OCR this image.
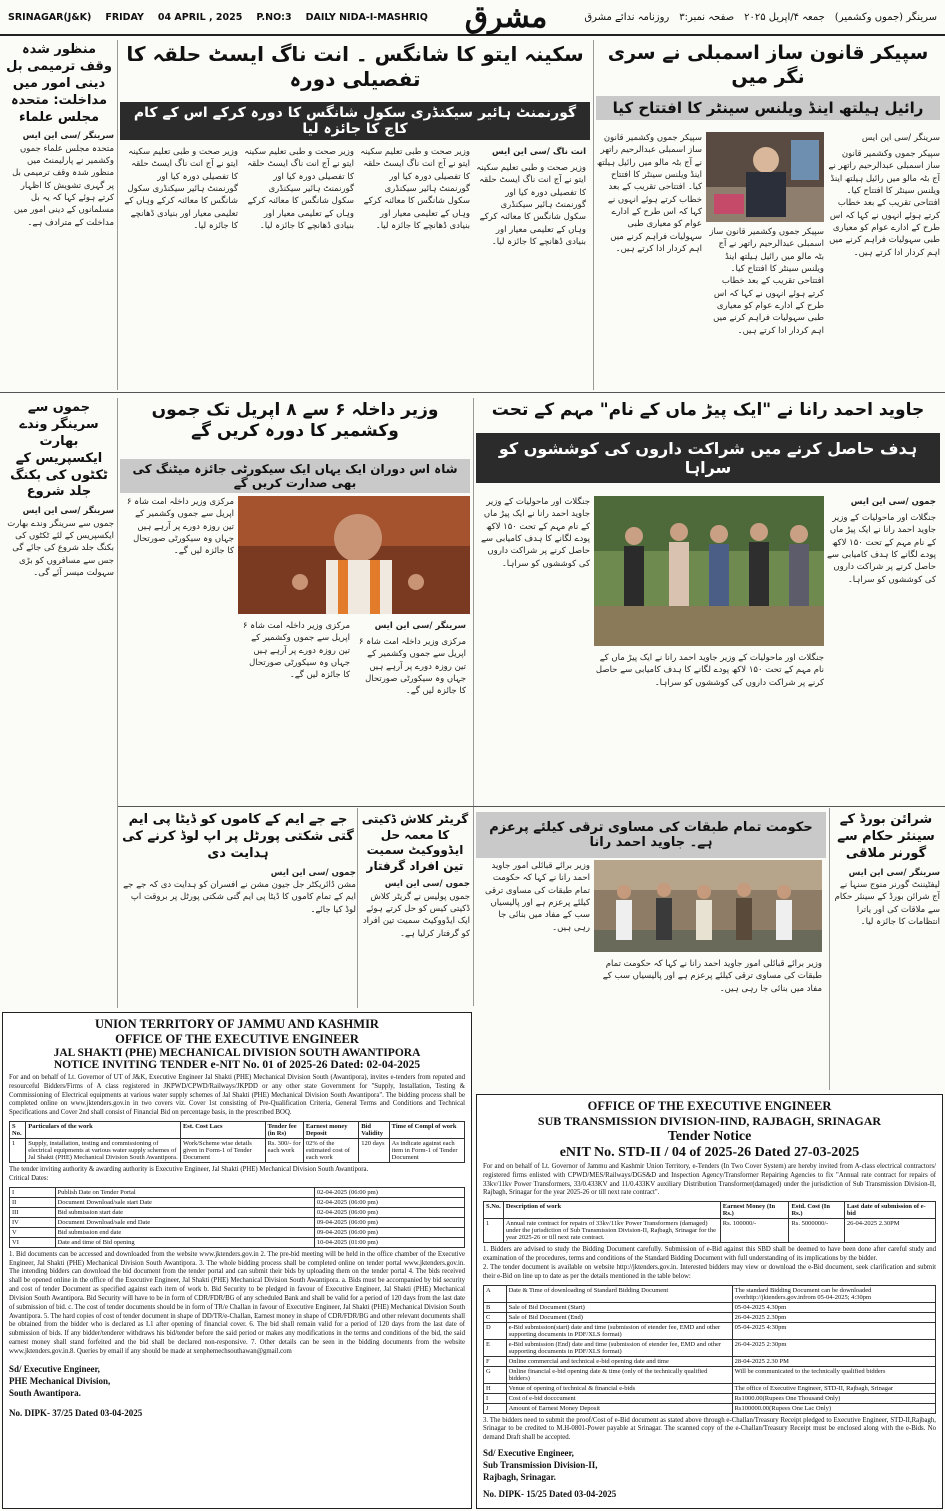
SRINAGAR(J&K) FRIDAY 04 APRIL , 2025 P.NO:3 DAILY NIDA-I-MASHRIQ مشرق	سرینگر (جموں وکشمیر)
جمعہ ۴/اپریل ۲۰۲۵
صفحہ نمبر:۳
روزنامہ ندائے مشرق
سپیکر قانون ساز اسمبلی نے سری نگر میں
رائیل ہیلتھ اینڈ ویلنس سینٹر کا افتتاح کیا
سرینگر /سی این ایس
سپیکر جموں وکشمیر قانون ساز اسمبلی عبدالرحیم راتھر نے آج بٹہ مالو میں رائیل ہیلتھ اینڈ ویلنس سینٹر کا افتتاح کیا۔ افتتاحی تقریب کے بعد خطاب کرتے ہوئے انہوں نے کہا کہ اس طرح کے ادارے عوام کو معیاری طبی سہولیات فراہم کرنے میں اہم کردار ادا کرتے ہیں۔
سپیکر جموں وکشمیر قانون ساز اسمبلی عبدالرحیم راتھر نے آج بٹہ مالو میں رائیل ہیلتھ اینڈ ویلنس سینٹر کا افتتاح کیا۔ افتتاحی تقریب کے بعد خطاب کرتے ہوئے انہوں نے کہا کہ اس طرح کے ادارے عوام کو معیاری طبی سہولیات فراہم کرنے میں اہم کردار ادا کرتے ہیں۔
سپیکر جموں وکشمیر قانون ساز اسمبلی عبدالرحیم راتھر نے آج بٹہ مالو میں رائیل ہیلتھ اینڈ ویلنس سینٹر کا افتتاح کیا۔ افتتاحی تقریب کے بعد خطاب کرتے ہوئے انہوں نے کہا کہ اس طرح کے ادارے عوام کو معیاری طبی سہولیات فراہم کرنے میں اہم کردار ادا کرتے ہیں۔
سکینہ ایتو کا شانگس ۔ انت ناگ ایسٹ حلقہ کا تفصیلی دورہ
گورنمنٹ ہائیر سیکنڈری سکول شانگس کا دورہ کرکے اس کے کام کاج کا جائزہ لیا
انت ناگ /سی این ایس
وزیر صحت و طبی تعلیم سکینہ ایتو نے آج انت ناگ ایسٹ حلقہ کا تفصیلی دورہ کیا اور گورنمنٹ ہائیر سیکنڈری سکول شانگس کا معائنہ کرکے وہاں کے تعلیمی معیار اور بنیادی ڈھانچے کا جائزہ لیا۔
وزیر صحت و طبی تعلیم سکینہ ایتو نے آج انت ناگ ایسٹ حلقہ کا تفصیلی دورہ کیا اور گورنمنٹ ہائیر سیکنڈری سکول شانگس کا معائنہ کرکے وہاں کے تعلیمی معیار اور بنیادی ڈھانچے کا جائزہ لیا۔
وزیر صحت و طبی تعلیم سکینہ ایتو نے آج انت ناگ ایسٹ حلقہ کا تفصیلی دورہ کیا اور گورنمنٹ ہائیر سیکنڈری سکول شانگس کا معائنہ کرکے وہاں کے تعلیمی معیار اور بنیادی ڈھانچے کا جائزہ لیا۔
وزیر صحت و طبی تعلیم سکینہ ایتو نے آج انت ناگ ایسٹ حلقہ کا تفصیلی دورہ کیا اور گورنمنٹ ہائیر سیکنڈری سکول شانگس کا معائنہ کرکے وہاں کے تعلیمی معیار اور بنیادی ڈھانچے کا جائزہ لیا۔
منظور شدہ وقف ترمیمی بل دینی امور میں مداخلت: متحدہ مجلس علماء
سرینگر /سی این ایس
متحدہ مجلس علماء جموں وکشمیر نے پارلیمنٹ میں منظور شدہ وقف ترمیمی بل پر گہری تشویش کا اظہار کرتے ہوئے کہا کہ یہ بل مسلمانوں کے دینی امور میں مداخلت کے مترادف ہے۔
جموں سے سرینگر وندے بھارت ایکسپریس کے ٹکٹوں کی بکنگ جلد شروع
سرینگر /سی این ایس
جموں سے سرینگر وندے بھارت ایکسپریس کے لئے ٹکٹوں کی بکنگ جلد شروع کی جائے گی جس سے مسافروں کو بڑی سہولت میسر آئے گی۔
وزیر داخلہ ۶ سے ۸ اپریل تک جموں وکشمیر کا دورہ کریں گے
شاہ اس دوران ایک یہاں ایک سیکورٹی جائزہ میٹنگ کی بھی صدارت کریں گے
مرکزی وزیر داخلہ امت شاہ ۶ اپریل سے جموں وکشمیر کے تین روزہ دورے پر آرہے ہیں جہاں وہ سیکورٹی صورتحال کا جائزہ لیں گے۔
سرینگر /سی این ایس
مرکزی وزیر داخلہ امت شاہ ۶ اپریل سے جموں وکشمیر کے تین روزہ دورے پر آرہے ہیں جہاں وہ سیکورٹی صورتحال کا جائزہ لیں گے۔
مرکزی وزیر داخلہ امت شاہ ۶ اپریل سے جموں وکشمیر کے تین روزہ دورے پر آرہے ہیں جہاں وہ سیکورٹی صورتحال کا جائزہ لیں گے۔
جاوید احمد رانا نے "ایک پیڑ ماں کے نام" مہم کے تحت
ہدف حاصل کرنے میں شراکت داروں کی کوششوں کو سراہا
جموں /سی این ایس
جنگلات اور ماحولیات کے وزیر جاوید احمد رانا نے ایک پیڑ ماں کے نام مہم کے تحت ۱۵۰ لاکھ پودے لگانے کا ہدف کامیابی سے حاصل کرنے پر شراکت داروں کی کوششوں کو سراہا۔
جنگلات اور ماحولیات کے وزیر جاوید احمد رانا نے ایک پیڑ ماں کے نام مہم کے تحت ۱۵۰ لاکھ پودے لگانے کا ہدف کامیابی سے حاصل کرنے پر شراکت داروں کی کوششوں کو سراہا۔
جنگلات اور ماحولیات کے وزیر جاوید احمد رانا نے ایک پیڑ ماں کے نام مہم کے تحت ۱۵۰ لاکھ پودے لگانے کا ہدف کامیابی سے حاصل کرنے پر شراکت داروں کی کوششوں کو سراہا۔
جے جے ایم کے کاموں کو ڈیٹا پی ایم گتی شکتی پورٹل پر اپ لوڈ کرنے کی ہدایت دی
جموں /سی این ایس
مشن ڈائریکٹر جل جیون مشن نے افسران کو ہدایت دی کہ جے جے ایم کے تمام کاموں کا ڈیٹا پی ایم گتی شکتی پورٹل پر بروقت اپ لوڈ کیا جائے۔
گریٹر کلاش ڈکیتی کا معمہ حل ایڈووکیٹ سمیت تین افراد گرفتار
جموں /سی این ایس
جموں پولیس نے گریٹر کلاش ڈکیتی کیس کو حل کرتے ہوئے ایک ایڈووکیٹ سمیت تین افراد کو گرفتار کرلیا ہے۔
حکومت تمام طبقات کی مساوی ترقی کیلئے پرعزم ہے۔ جاوید احمد رانا
وزیر برائے قبائلی امور جاوید احمد رانا نے کہا کہ حکومت تمام طبقات کی مساوی ترقی کیلئے پرعزم ہے اور پالیسیاں سب کے مفاد میں بنائی جا رہی ہیں۔
وزیر برائے قبائلی امور جاوید احمد رانا نے کہا کہ حکومت تمام طبقات کی مساوی ترقی کیلئے پرعزم ہے اور پالیسیاں سب کے مفاد میں بنائی جا رہی ہیں۔
شرائن بورڈ کے سینئر حکام سے گورنر ملاقی
سرینگر /سی این ایس
لیفٹیننٹ گورنر منوج سنہا نے آج شرائن بورڈ کے سینئر حکام سے ملاقات کی اور یاترا انتظامات کا جائزہ لیا۔
UNION TERRITORY OF JAMMU AND KASHMIR
OFFICE OF THE EXECUTIVE ENGINEER
JAL SHAKTI (PHE) MECHANICAL DIVISION SOUTH AWANTIPORA
NOTICE INVITING TENDER e-NIT No. 01 of 2025-26 Dated: 02-04-2025
For and on behalf of Lt. Governor of UT of J&K, Executive Engineer Jal Shakti (PHE) Mechanical Division South (Awantipora), invites e-tenders from reputed and resourceful Bidders/Firms of A class registered in JKPWD/CPWD/Railways/JKPDD or any other state Government for "Supply, Installation, Testing & Commissioning of Electrical equipments at various water supply schemes of Jal Shakti (PHE) Mechanical Division South Awantipora". The bidding process shall be completed online on www.jktenders.gov.in in two covers viz. Cover 1st consisting of Pre-Qualification Criteria, General Terms and Conditions and Technical Specifications and Cover 2nd shall consist of Financial Bid on percentage basis, in the prescribed BOQ.
S No.	Particulars of the work	Est. Cost Lacs	Tender fee (in Rs)	Earnest money Deposit	Bid Validity	Time of Compl of work
1	Supply, installation, testing and commissioning of electrical equipments at various water supply schemes of Jal Shakti (PHE) Mechanical Division South Awantipora.	Work/Scheme wise details given in Form-1 of Tender Document	Rs. 300/- for each work	02% of the estimated cost of each work	120 days	As indicate against each item in Form-1 of Tender Document
The tender inviting authority & awarding authority is Executive Engineer, Jal Shakti (PHE) Mechanical Division South Awantipora.
Critical Dates:
I	Publish Date on Tender Portal	02-04-2025 (06:00 pm)
II	Document Download/sale start Date	02-04-2025 (06:00 pm)
III	Bid submission start date	02-04-2025 (06:00 pm)
IV	Document Download/sale end Date	09-04-2025 (06:00 pm)
V	Bid submission end date	09-04-2025 (06:00 pm)
VI	Date and time of Bid opening	10-04-2025 (01:00 pm)
1. Bid documents can be accessed and downloaded from the website www.jktenders.gov.in 2. The pre-bid meeting will be held in the office chamber of the Executive Engineer, Jal Shakti (PHE) Mechanical Division South Awantipora. 3. The whole bidding process shall be completed online on tender portal www.jktenders.gov.in. The intending bidders can download the bid document from the tender portal and can submit their bids by uploading them on the tender portal 4. The bids received shall be opened online in the office of the Executive Engineer, Jal Shakti (PHE) Mechanical Division South Awantipora. a. Bids must be accompanied by bid security and cost of tender Document as specified against each item of work b. Bid Security to be pledged in favour of Executive Engineer, Jal Shakti (PHE) Mechanical Division South Awantipora. Bid Security will have to be in form of CDR/FDR/BG of any scheduled Bank and shall be valid for a period of 120 days from the last date of submission of bid. c. The cost of tender documents should be in form of TR/e Challan in favour of Executive Engineer, Jal Shakti (PHE) Mechanical Division South Awantipora. 5. The hard copies of cost of tender document in shape of DD/TR/e-Challan, Earnest money in shape of CDR/FDR/BG and other relevant documents shall be obtained from the bidder who is declared as L1 after opening of financial cover. 6. The bid shall remain valid for a period of 120 days from the last date of submission of bids. If any bidder/tenderer withdraws his bid/tender before the said period or makes any modifications in the terms and conditions of the bid, the said earnest money shall stand forfeited and the bid shall be declared non-responsive. 7. Other details can be seen in the bidding documents from the website www.jktenders.gov.in.8. Queries by email if any should be made at xenphemechsouthawan@gmail.com
Sd/ Executive Engineer,
PHE Mechanical Division,
South Awantipora.
No. DIPK- 37/25 Dated 03-04-2025
OFFICE OF THE EXECUTIVE ENGINEER
SUB TRANSMISSION DIVISION-IIND, RAJBAGH, SRINAGAR
Tender Notice
eNIT No. STD-II / 04 of 2025-26 Dated 27-03-2025
For and on behalf of Lt. Governor of Jammu and Kashmir Union Territory, e-Tenders (In Two Cover System) are hereby invited from A-class electrical contractors/ registered firms enlisted with CPWD/MES/Railways/DGS&D and Inspection Agency/Transformer Repairing Agencies to fix "Annual rate contract for repairs of 33kv/11kv Power Transformers, 33/0.433KV and 11/0.433KV auxiliary Distribution Transformer(damaged) under the jurisdiction of Sub Transmission Division-II, Rajbagh, Srinagar for the year 2025-26 or till next rate contract".
S.No.	Description of work	Earnest Money (In Rs.)	Estd. Cost (In Rs.)	Last date of submission of e-bid
1	Annual rate contract for repairs of 33kv/11kv Power Transformers (damaged) under the jurisdiction of Sub Transmission Division-II, Rajbagh, Srinagar for the year 2025-26 or till next rate contract.	Rs. 100000/-	Rs. 5000000/-	26-04-2025 2.30PM
1. Bidders are advised to study the Bidding Document carefully. Submission of e-Bid against this SBD shall be deemed to have been done after careful study and examination of the procedures, terms and conditions of the Standard Bidding Document with full understanding of its implications by the bidder.
2. The tender document is available on website http://jktenders.gov.in. Interested bidders may view or download the e-Bid document, seek clarification and submit their e-Bid on line up to date as per the details mentioned in the table below:
A	Date & Time of downloading of Standard Bidding Document	The standard Bidding Document can be downloaded overhttp://jktenders.gov.infrom 05-04-2025; 4:30pm
B	Sale of Bid Document (Start)	05-04-2025 4.30pm
C	Sale of Bid Document (End)	26-04-2025 2.30pm
D	e-Bid submission(start) date and time (submission of etender fee, EMD and other supporting documents in PDF/XLS format)	05-04-2025 4:30pm
E	e-Bid submission (End) date and time (submission of etender fee, EMD and other supporting documents in PDF/XLS format)	26-04-2025 2:30pm
F	Online commercial and technical e-bid opening date and time	28-04-2025 2.30 PM
G	Online financial e-bid opening date & time (only of the technically qualified bidders)	Will be communicated to the technically qualified bidders
H	Venue of opening of technical & financial e-bids	The office of Executive Engineer, STD-II, Rajbagh, Srinagar
I	Cost of e-bid docccument	Rs1000.00(Rupees One Thousand Only)
J	Amount of Earnest Money Deposit	Rs100000.00(Rupees One Lac Only)
3. The bidders need to submit the proof/Cost of e-Bid document as stated above through e-Challan/Treasury Receipt pledged to Executive Engineer, STD-II,Rajbagh, Srinagar to be credited to M.H-0801-Power payable at Srinagar. The scanned copy of the e-Challan/Treasury Receipt must be enclosed along with the e-Bids. No demand Draft shall be accepted.
Sd/ Executive Engineer,
Sub Transmission Division-II,
Rajbagh, Srinagar.
No. DIPK- 15/25 Dated 03-04-2025
